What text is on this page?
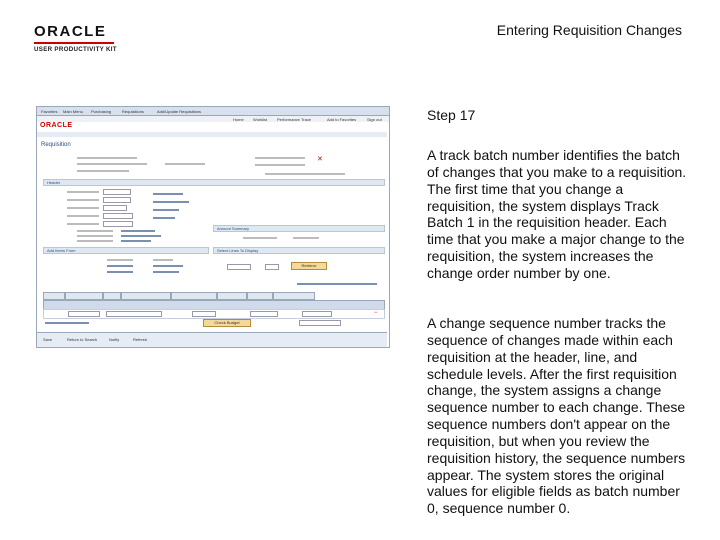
ORACLE
USER PRODUCTIVITY KIT
Entering Requisition Changes
Favorites Main Menu Purchasing	Requisitions	Add/Update Requisitions
Home Worklist Performance Trace	Add to Favorites	Sign out
ORACLE
Requisition
✕
Header
Amount Summary
Add Items From	Select Lines To Display
Retrieve
−
Check Budget
Save	Return to Search	Notify	Refresh
Step 17
A track batch number identifies the batch of changes that you make to a requisition. The first time that you change a requisition, the system displays Track Batch 1 in the requisition header. Each time that you make a major change to the requisition, the system increases the change order number by one.
A change sequence number tracks the sequence of changes made within each requisition at the header, line, and schedule levels. After the first requisition change, the system assigns a change sequence number to each change. These sequence numbers don't appear on the requisition, but when you review the requisition history, the sequence numbers appear. The system stores the original values for eligible fields as batch number 0, sequence number 0.
